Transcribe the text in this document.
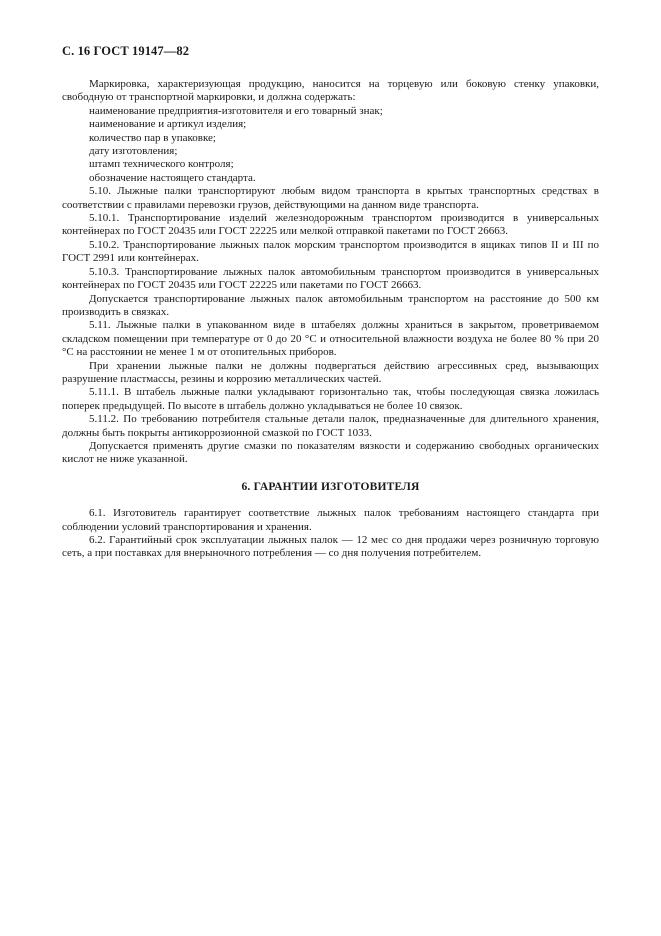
С. 16 ГОСТ 19147—82

Маркировка, характеризующая продукцию, наносится на торцевую или боковую стенку упаковки, свободную от транспортной маркировки, и должна содержать:

наименование предприятия-изготовителя и его товарный знак;

наименование и артикул изделия;

количество пар в упаковке;

дату изготовления;

штамп технического контроля;

обозначение настоящего стандарта.

5.10. Лыжные палки транспортируют любым видом транспорта в крытых транспортных средствах в соответствии с правилами перевозки грузов, действующими на данном виде транспорта.

5.10.1. Транспортирование изделий железнодорожным транспортом производится в универсальных контейнерах по ГОСТ 20435 или ГОСТ 22225 или мелкой отправкой пакетами по ГОСТ 26663.

5.10.2. Транспортирование лыжных палок морским транспортом производится в ящиках типов II и III по ГОСТ 2991 или контейнерах.

5.10.3. Транспортирование лыжных палок автомобильным транспортом производится в универсальных контейнерах по ГОСТ 20435 или ГОСТ 22225 или пакетами по ГОСТ 26663.

Допускается транспортирование лыжных палок автомобильным транспортом на расстояние до 500 км производить в связках.

5.11. Лыжные палки в упакованном виде в штабелях должны храниться в закрытом, проветриваемом складском помещении при температуре от 0 до 20 °С и относительной влажности воздуха не более 80 % при 20 °С на расстоянии не менее 1 м от отопительных приборов.

При хранении лыжные палки не должны подвергаться действию агрессивных сред, вызывающих разрушение пластмассы, резины и коррозию металлических частей.

5.11.1. В штабель лыжные палки укладывают горизонтально так, чтобы последующая связка ложилась поперек предыдущей. По высоте в штабель должно укладываться не более 10 связок.

5.11.2. По требованию потребителя стальные детали палок, предназначенные для длительного хранения, должны быть покрыты антикоррозионной смазкой по ГОСТ 1033.

Допускается применять другие смазки по показателям вязкости и содержанию свободных органических кислот не ниже указанной.

6. ГАРАНТИИ ИЗГОТОВИТЕЛЯ

6.1. Изготовитель гарантирует соответствие лыжных палок требованиям настоящего стандарта при соблюдении условий транспортирования и хранения.

6.2. Гарантийный срок эксплуатации лыжных палок — 12 мес со дня продажи через розничную торговую сеть, а при поставках для внерыночного потребления — со дня получения потребителем.
